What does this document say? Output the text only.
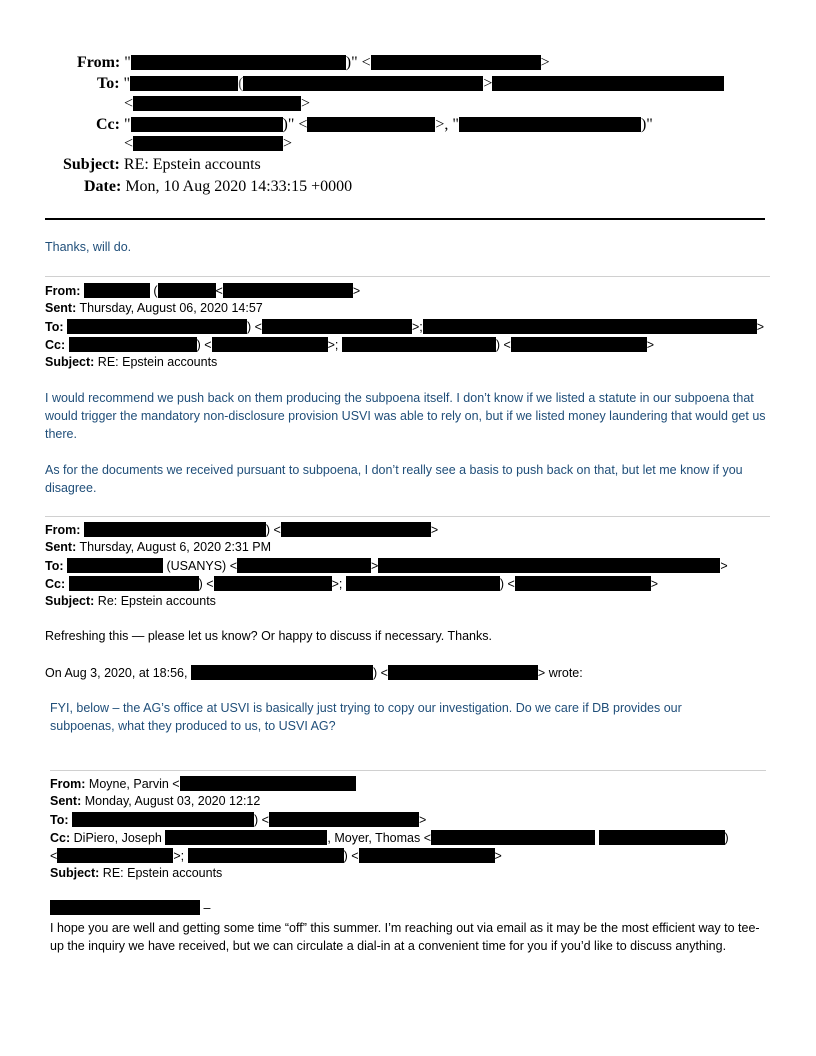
From: "	)" <	>
To: "	(	>
<	>
Cc: "	)" <	>, "	)"
<	>
Subject: RE: Epstein accounts
Date: Mon, 10 Aug 2020 14:33:15 +0000
Thanks, will do.
From:	(	<	>
Sent: Thursday, August 06, 2020 14:57
To:	) <	>;	>
Cc:	) <	>;	) <	>
Subject: RE: Epstein accounts
I would recommend we push back on them producing the subpoena itself. I don’t know if we listed a statute in our subpoena that would trigger the mandatory non-disclosure provision USVI was able to rely on, but if we listed money laundering that would get us there.
As for the documents we received pursuant to subpoena, I don’t really see a basis to push back on that, but let me know if you disagree.
From:	) <	>
Sent: Thursday, August 6, 2020 2:31 PM
To:	(USANYS) <	>	>
Cc:	) <	>;	) <	>
Subject: Re: Epstein accounts
Refreshing this — please let us know? Or happy to discuss if necessary. Thanks.
On Aug 3, 2020, at 18:56,	) <	> wrote:
FYI, below – the AG’s office at USVI is basically just trying to copy our investigation. Do we care if DB provides our subpoenas, what they produced to us, to USVI AG?
From: Moyne, Parvin <
Sent: Monday, August 03, 2020 12:12
To:	) <	>
Cc: DiPiero, Joseph	, Moyer, Thomas <	)
<	>;	) <	>
Subject: RE: Epstein accounts
–
I hope you are well and getting some time “off” this summer. I’m reaching out via email as it may be the most efficient way to tee-up the inquiry we have received, but we can circulate a dial-in at a convenient time for you if you’d like to discuss anything.
